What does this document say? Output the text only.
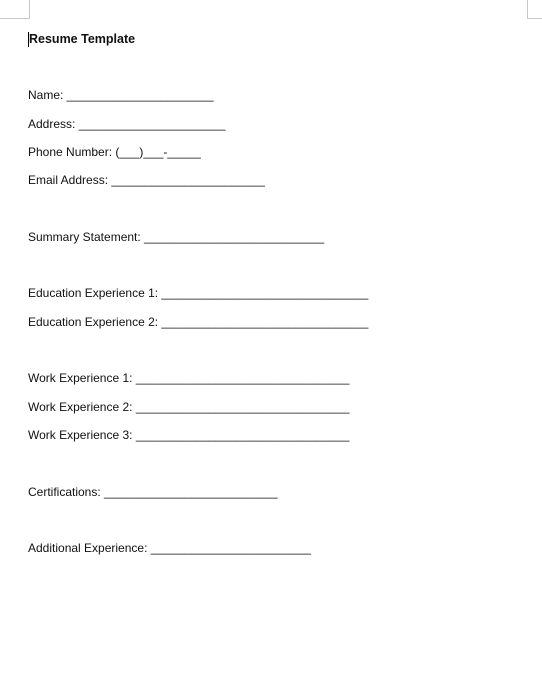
Resume Template
Name: ______________________
Address: ______________________
Phone Number: (___)___-_____
Email Address: _______________________
Summary Statement: ___________________________
Education Experience 1: _______________________________
Education Experience 2: _______________________________
Work Experience 1: ________________________________
Work Experience 2: ________________________________
Work Experience 3: ________________________________
Certifications: __________________________
Additional Experience: ________________________
